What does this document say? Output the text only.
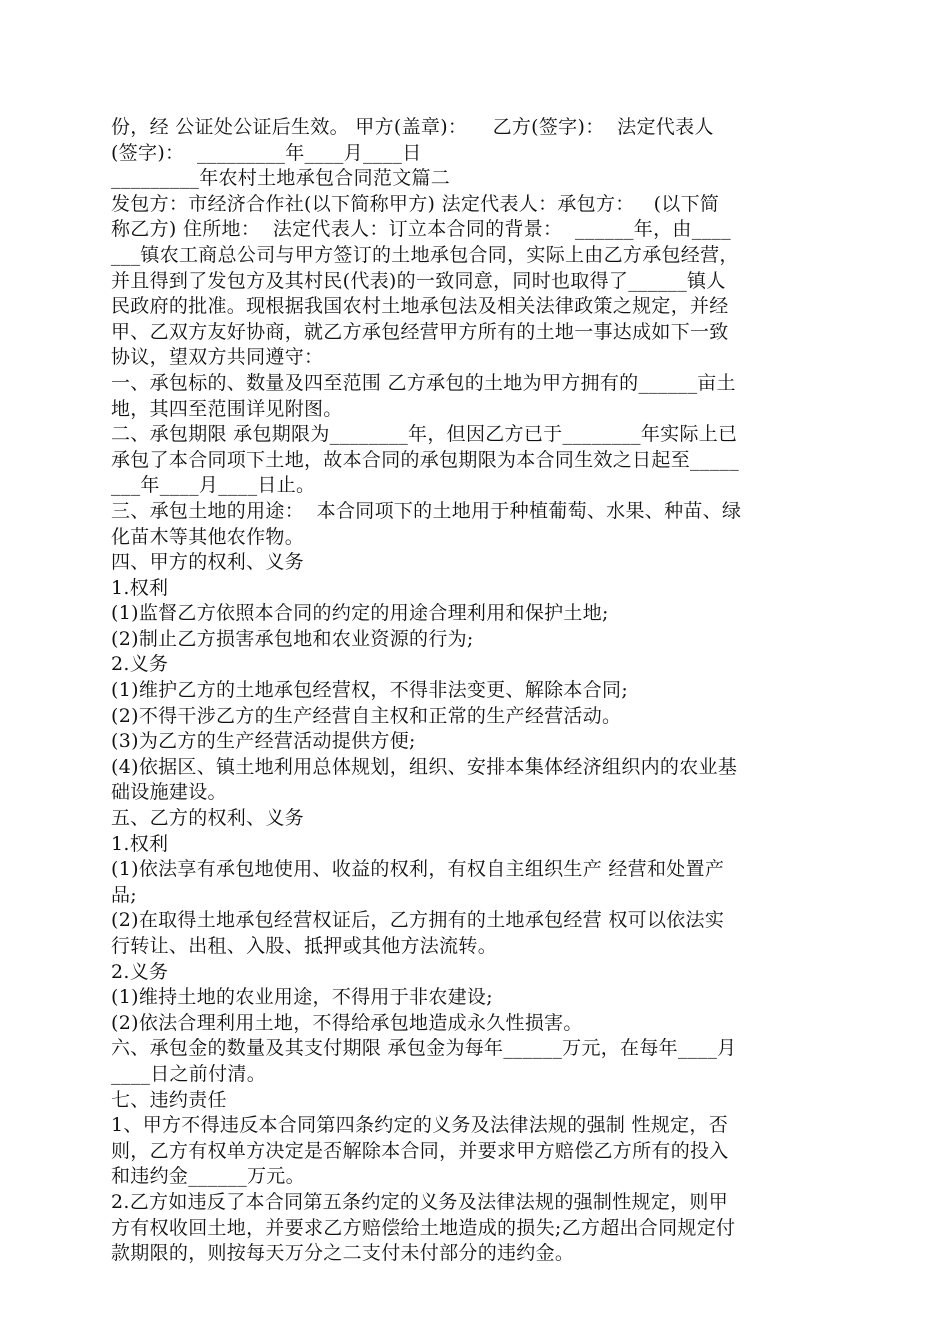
份，经 公证处公证后生效。 甲方(盖章)：    乙方(签字)：  法定代表人
(签字)：  _________年____月____日
_________年农村土地承包合同范文篇二
发包方：市经济合作社(以下简称甲方) 法定代表人：承包方：   (以下简
称乙方) 住所地：  法定代表人：订立本合同的背景：  ______年，由____
___镇农工商总公司与甲方签订的土地承包合同，实际上由乙方承包经营，
并且得到了发包方及其村民(代表)的一致同意，同时也取得了______镇人
民政府的批准。现根据我国农村土地承包法及相关法律政策之规定，并经
甲、乙双方友好协商，就乙方承包经营甲方所有的土地一事达成如下一致
协议，望双方共同遵守：
一、承包标的、数量及四至范围 乙方承包的土地为甲方拥有的______亩土
地，其四至范围详见附图。
二、承包期限 承包期限为________年，但因乙方已于________年实际上已
承包了本合同项下土地，故本合同的承包期限为本合同生效之日起至_____
___年____月____日止。
三、承包土地的用途：  本合同项下的土地用于种植葡萄、水果、种苗、绿
化苗木等其他农作物。
四、甲方的权利、义务
1.权利
(1)监督乙方依照本合同的约定的用途合理利用和保护土地;
(2)制止乙方损害承包地和农业资源的行为;
2.义务
(1)维护乙方的土地承包经营权，不得非法变更、解除本合同;
(2)不得干涉乙方的生产经营自主权和正常的生产经营活动。
(3)为乙方的生产经营活动提供方便;
(4)依据区、镇土地利用总体规划，组织、安排本集体经济组织内的农业基
础设施建设。
五、乙方的权利、义务
1.权利
(1)依法享有承包地使用、收益的权利，有权自主组织生产 经营和处置产
品;
(2)在取得土地承包经营权证后，乙方拥有的土地承包经营 权可以依法实
行转让、出租、入股、抵押或其他方法流转。
2.义务
(1)维持土地的农业用途，不得用于非农建设;
(2)依法合理利用土地，不得给承包地造成永久性损害。
六、承包金的数量及其支付期限 承包金为每年______万元，在每年____月
____日之前付清。
七、违约责任
1、甲方不得违反本合同第四条约定的义务及法律法规的强制 性规定，否
则，乙方有权单方决定是否解除本合同，并要求甲方赔偿乙方所有的投入
和违约金______万元。
2.乙方如违反了本合同第五条约定的义务及法律法规的强制性规定，则甲
方有权收回土地，并要求乙方赔偿给土地造成的损失;乙方超出合同规定付
款期限的，则按每天万分之二支付未付部分的违约金。
